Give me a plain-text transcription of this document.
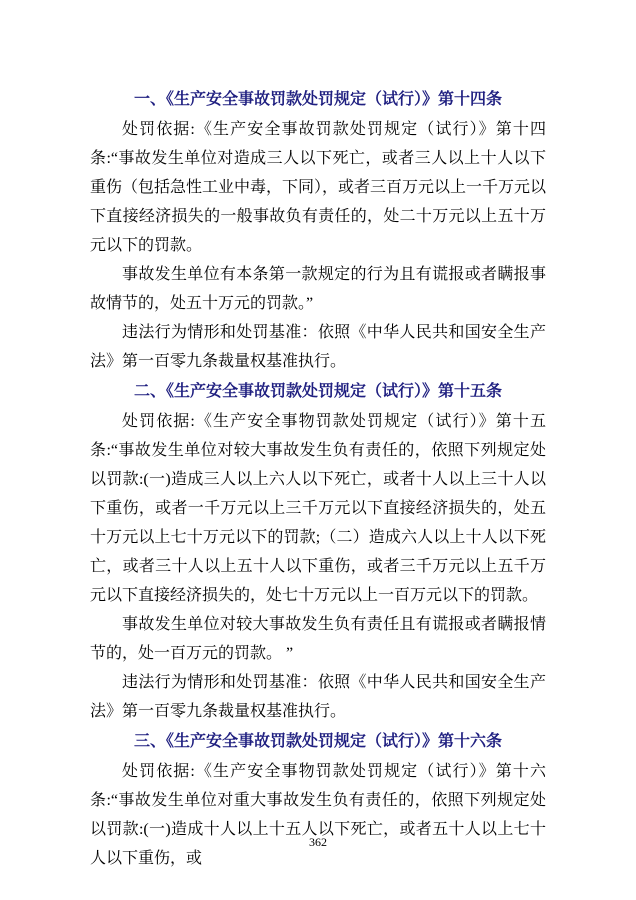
一、《生产安全事故罚款处罚规定（试行）》第十四条
处罚依据:《生产安全事故罚款处罚规定（试行）》第十四条:“事故发生单位对造成三人以下死亡，或者三人以上十人以下重伤（包括急性工业中毒，下同），或者三百万元以上一千万元以下直接经济损失的一般事故负有责任的，处二十万元以上五十万元以下的罚款。
事故发生单位有本条第一款规定的行为且有谎报或者瞒报事故情节的，处五十万元的罚款。”
违法行为情形和处罚基准：依照《中华人民共和国安全生产法》第一百零九条裁量权基准执行。
二、《生产安全事故罚款处罚规定（试行）》第十五条
处罚依据:《生产安全事物罚款处罚规定（试行）》第十五条:“事故发生单位对较大事故发生负有责任的，依照下列规定处以罚款:(一)造成三人以上六人以下死亡，或者十人以上三十人以下重伤，或者一千万元以上三千万元以下直接经济损失的，处五十万元以上七十万元以下的罚款;（二）造成六人以上十人以下死亡，或者三十人以上五十人以下重伤，或者三千万元以上五千万元以下直接经济损失的，处七十万元以上一百万元以下的罚款。
事故发生单位对较大事故发生负有责任且有谎报或者瞒报情节的，处一百万元的罚款。 ”
违法行为情形和处罚基准：依照《中华人民共和国安全生产法》第一百零九条裁量权基准执行。
三、《生产安全事故罚款处罚规定（试行）》第十六条
处罚依据:《生产安全事物罚款处罚规定（试行）》第十六条:“事故发生单位对重大事故发生负有责任的，依照下列规定处以罚款:(一)造成十人以上十五人以下死亡，或者五十人以上七十人以下重伤，或
362
